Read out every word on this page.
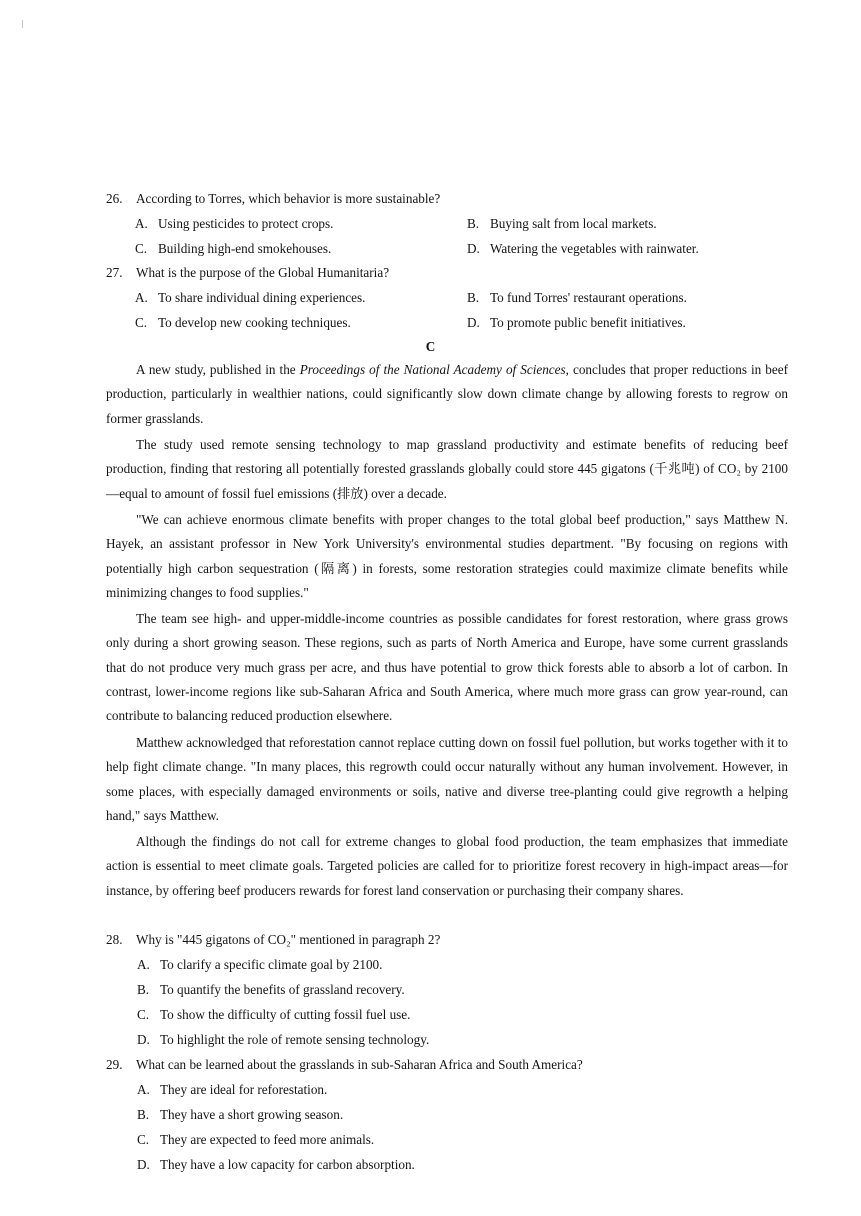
26. According to Torres, which behavior is more sustainable?
A. Using pesticides to protect crops.	B. Buying salt from local markets.
C. Building high-end smokehouses.	D. Watering the vegetables with rainwater.
27. What is the purpose of the Global Humanitaria?
A. To share individual dining experiences.	B. To fund Torres' restaurant operations.
C. To develop new cooking techniques.	D. To promote public benefit initiatives.
C
A new study, published in the Proceedings of the National Academy of Sciences, concludes that proper reductions in beef production, particularly in wealthier nations, could significantly slow down climate change by allowing forests to regrow on former grasslands.
The study used remote sensing technology to map grassland productivity and estimate benefits of reducing beef production, finding that restoring all potentially forested grasslands globally could store 445 gigatons (千兆吨) of CO₂ by 2100—equal to amount of fossil fuel emissions (排放) over a decade.
"We can achieve enormous climate benefits with proper changes to the total global beef production," says Matthew N. Hayek, an assistant professor in New York University's environmental studies department. "By focusing on regions with potentially high carbon sequestration (隔离) in forests, some restoration strategies could maximize climate benefits while minimizing changes to food supplies."
The team see high- and upper-middle-income countries as possible candidates for forest restoration, where grass grows only during a short growing season. These regions, such as parts of North America and Europe, have some current grasslands that do not produce very much grass per acre, and thus have potential to grow thick forests able to absorb a lot of carbon. In contrast, lower-income regions like sub-Saharan Africa and South America, where much more grass can grow year-round, can contribute to balancing reduced production elsewhere.
Matthew acknowledged that reforestation cannot replace cutting down on fossil fuel pollution, but works together with it to help fight climate change. "In many places, this regrowth could occur naturally without any human involvement. However, in some places, with especially damaged environments or soils, native and diverse tree-planting could give regrowth a helping hand," says Matthew.
Although the findings do not call for extreme changes to global food production, the team emphasizes that immediate action is essential to meet climate goals. Targeted policies are called for to prioritize forest recovery in high-impact areas—for instance, by offering beef producers rewards for forest land conservation or purchasing their company shares.
28. Why is "445 gigatons of CO₂" mentioned in paragraph 2?
A. To clarify a specific climate goal by 2100.
B. To quantify the benefits of grassland recovery.
C. To show the difficulty of cutting fossil fuel use.
D. To highlight the role of remote sensing technology.
29. What can be learned about the grasslands in sub-Saharan Africa and South America?
A. They are ideal for reforestation.
B. They have a short growing season.
C. They are expected to feed more animals.
D. They have a low capacity for carbon absorption.
